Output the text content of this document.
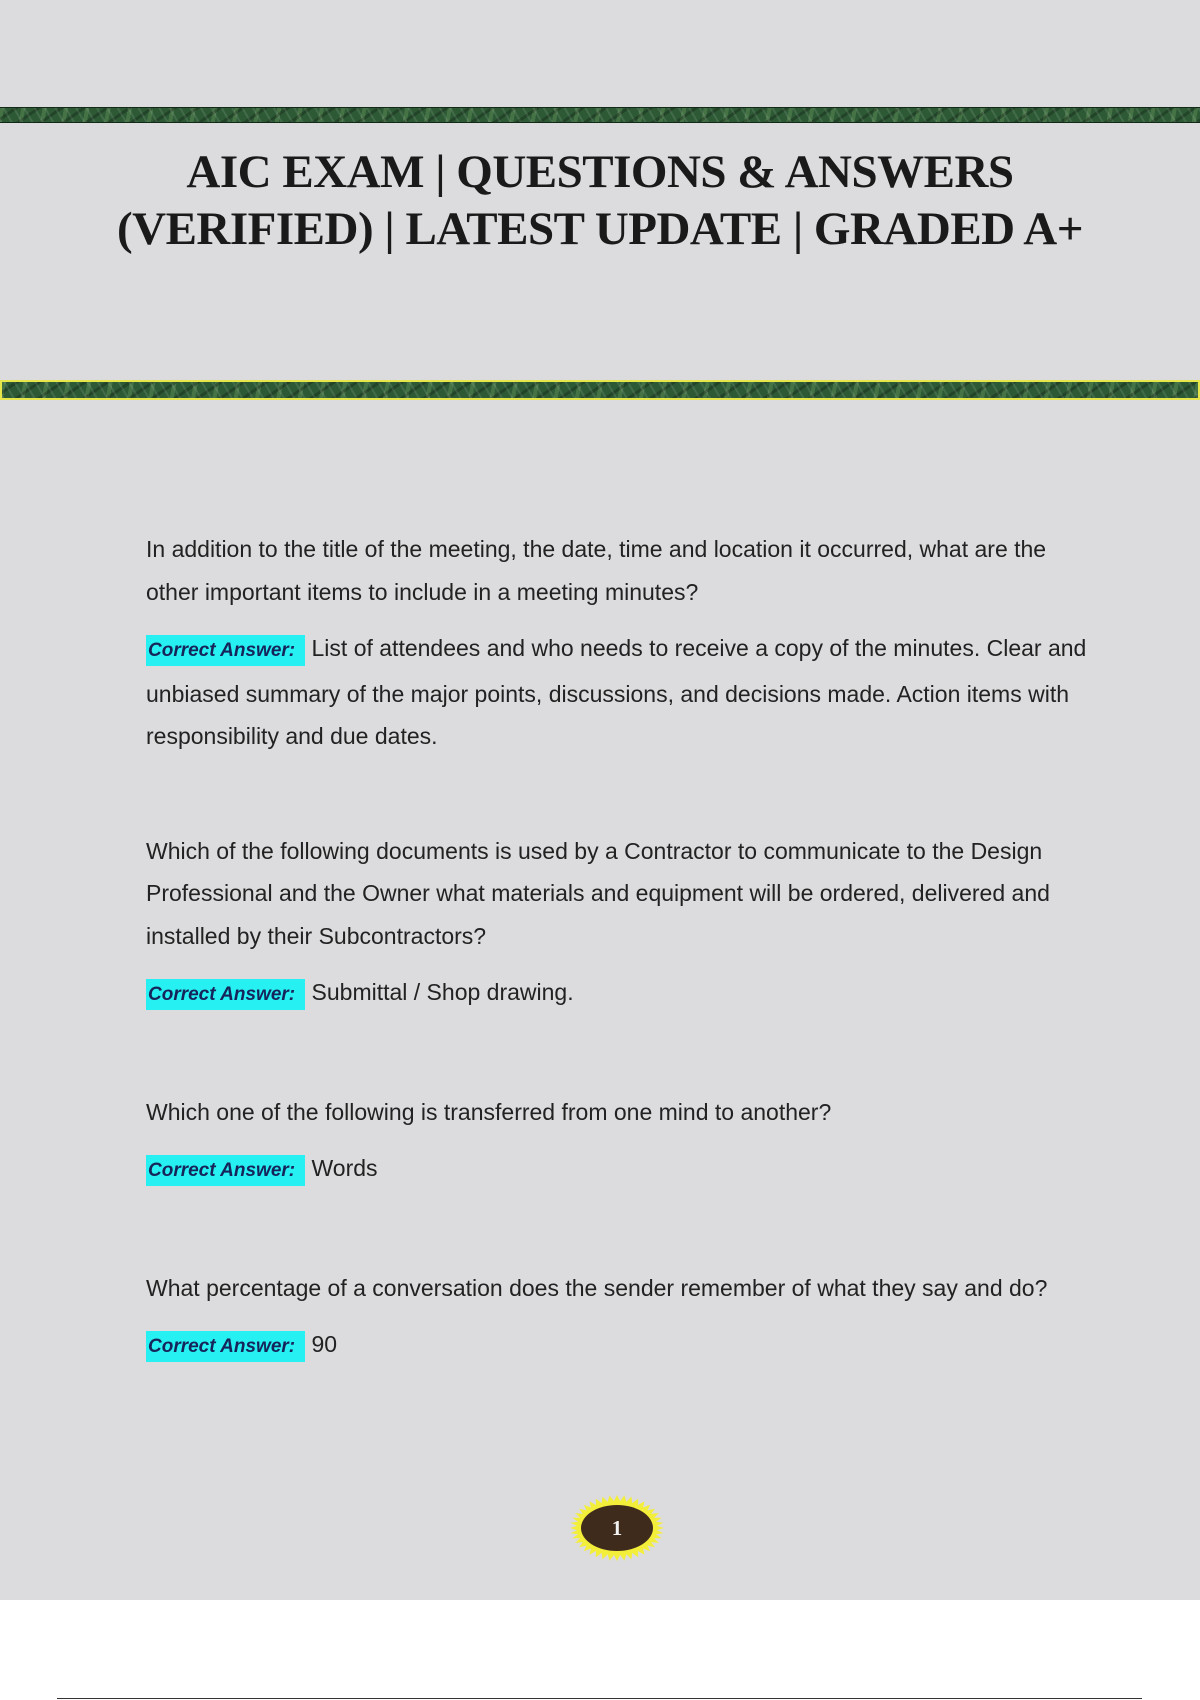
AIC EXAM | QUESTIONS & ANSWERS (VERIFIED) | LATEST UPDATE | GRADED A+

In addition to the title of the meeting, the date, time and location it occurred, what are the other important items to include in a meeting minutes?

Correct Answer: List of attendees and who needs to receive a copy of the minutes. Clear and unbiased summary of the major points, discussions, and decisions made. Action items with responsibility and due dates.

Which of the following documents is used by a Contractor to communicate to the Design Professional and the Owner what materials and equipment will be ordered, delivered and installed by their Subcontractors?

Correct Answer: Submittal / Shop drawing.

Which one of the following is transferred from one mind to another?

Correct Answer: Words

What percentage of a conversation does the sender remember of what they say and do?

Correct Answer: 90

1
